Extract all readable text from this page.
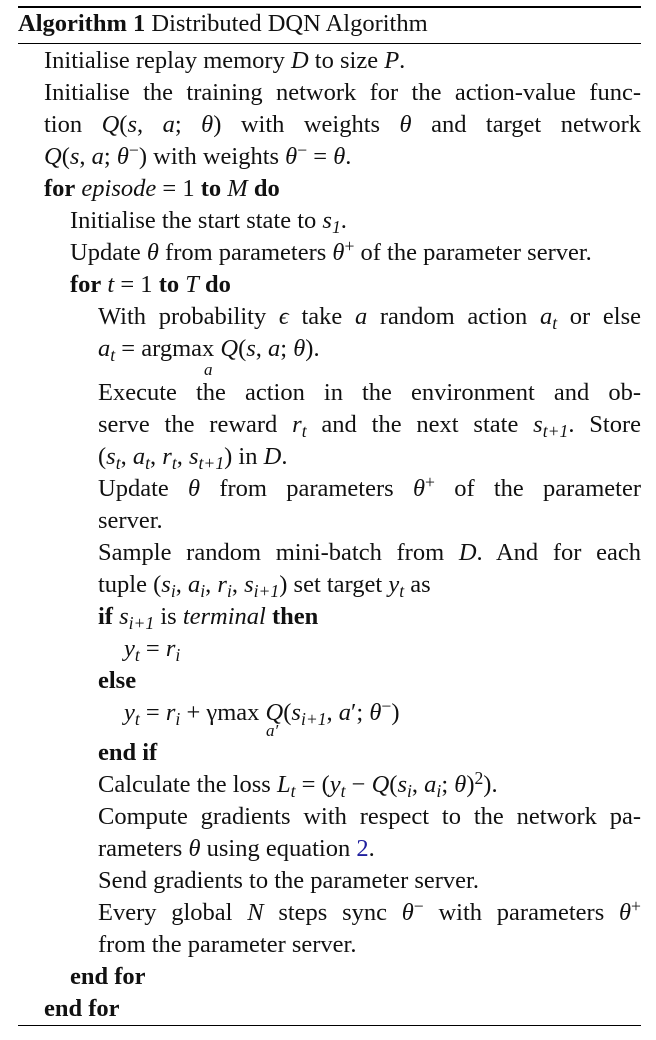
Algorithm 1 Distributed DQN Algorithm
Initialise replay memory D to size P.
Initialise the training network for the action-value func-
tion Q(s, a; θ) with weights θ and target network
Q(s, a; θ−) with weights θ− = θ.
for episode = 1 to M do
Initialise the start state to $s_1$.
Update θ from parameters θ+ of the parameter server.
for t = 1 to T do
With probability ϵ take a random action $a_t$ or else
$a_t = argmax$ Q(s, a; θ).
a
Execute the action in the environment and ob-
serve the reward $r_t$ and the next state $s_{t+1}$. Store
($s_t$, $a_t$, $r_t$, $s_{t+1}$) in D.
Update θ from parameters θ+ of the parameter
server.
Sample random mini-batch from D. And for each
tuple ($s_i$, $a_i$, $r_i$, $s_{i+1}$) set target $y_t$ as
if $s_{i+1}$ is terminal then
$y_t = r_i$
else
$y_t = r_i + \gamma\max$ $Q(s_{i+1}$, a′; θ−)
a′
end if
Calculate the loss $L_t = (y_t - Q(s_i$, $a_i$; θ)$^2$).
Compute gradients with respect to the network pa-
rameters θ using equation 2.
Send gradients to the parameter server.
Every global N steps sync θ− with parameters θ+
from the parameter server.
end for
end for
